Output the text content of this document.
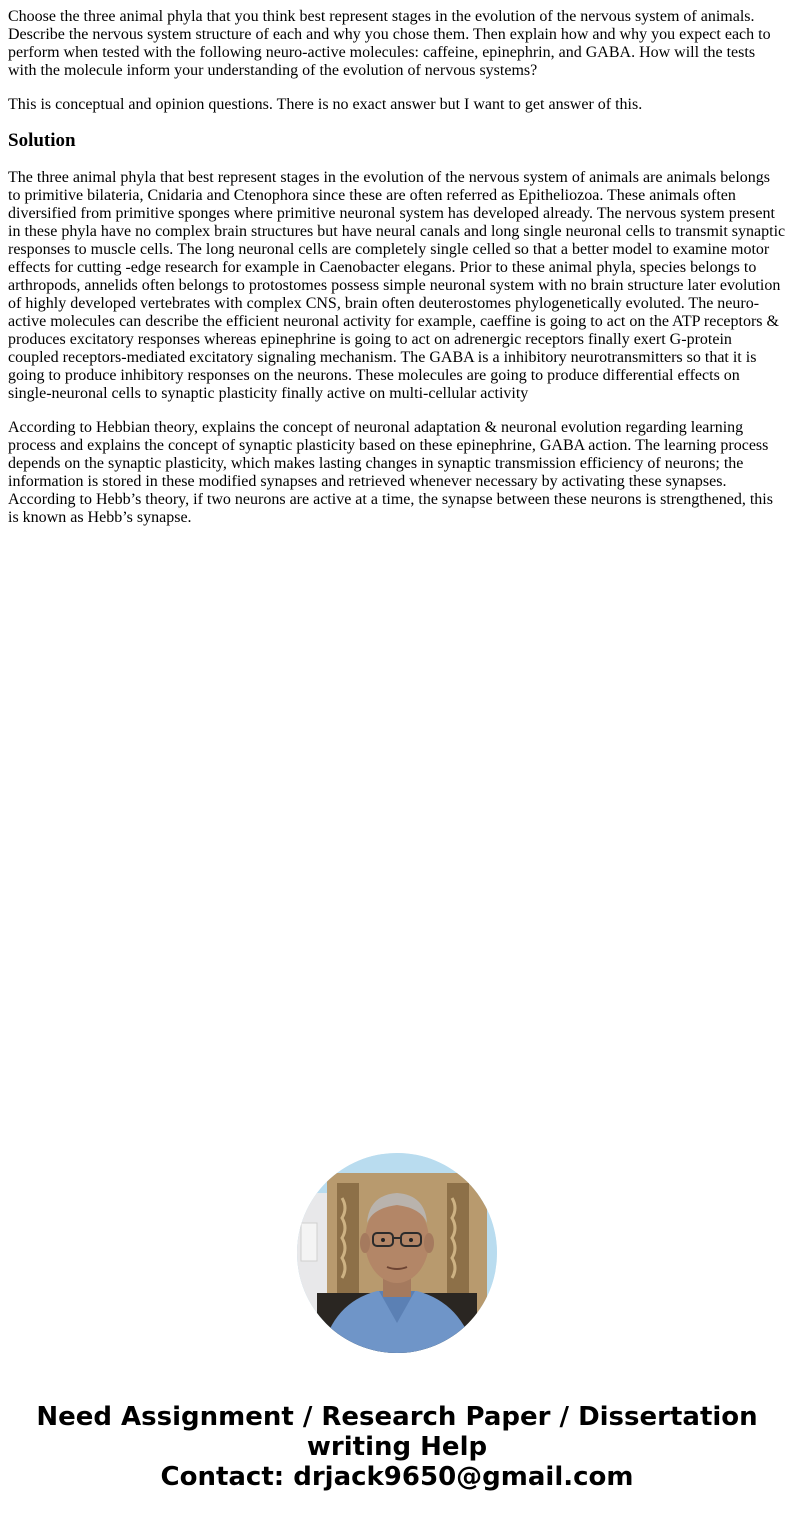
Choose the three animal phyla that you think best represent stages in the evolution of the nervous system of animals. Describe the nervous system structure of each and why you chose them. Then explain how and why you expect each to perform when tested with the following neuro-active molecules: caffeine, epinephrin, and GABA. How will the tests with the molecule inform your understanding of the evolution of nervous systems?

This is conceptual and opinion questions. There is no exact answer but I want to get answer of this.

Solution

The three animal phyla that best represent stages in the evolution of the nervous system of animals are animals belongs to primitive bilateria, Cnidaria and Ctenophora since these are often referred as Epitheliozoa. These animals often diversified from primitive sponges where primitive neuronal system has developed already. The nervous system present in these phyla have no complex brain structures but have neural canals and long single neuronal cells to transmit synaptic responses to muscle cells. The long neuronal cells are completely single celled so that a better model to examine motor effects for cutting -edge research for example in Caenobacter elegans. Prior to these animal phyla, species belongs to arthropods, annelids often belongs to protostomes possess simple neuronal system with no brain structure later evolution of highly developed vertebrates with complex CNS, brain often deuterostomes phylogenetically evoluted. The neuro-active molecules can describe the efficient neuronal activity for example, caeffine is going to act on the ATP receptors & produces excitatory responses whereas epinephrine is going to act on adrenergic receptors finally exert G-protein coupled receptors-mediated excitatory signaling mechanism. The GABA is a inhibitory neurotransmitters so that it is going to produce inhibitory responses on the neurons. These molecules are going to produce differential effects on single-neuronal cells to synaptic plasticity finally active on multi-cellular activity

According to Hebbian theory, explains the concept of neuronal adaptation & neuronal evolution regarding learning process and explains the concept of synaptic plasticity based on these epinephrine, GABA action. The learning process depends on the synaptic plasticity, which makes lasting changes in synaptic transmission efficiency of neurons; the information is stored in these modified synapses and retrieved whenever necessary by activating these synapses. According to Hebb’s theory, if two neurons are active at a time, the synapse between these neurons is strengthened, this is known as Hebb’s synapse.

Need Assignment / Research Paper / Dissertation writing Help
Contact: drjack9650@gmail.com
